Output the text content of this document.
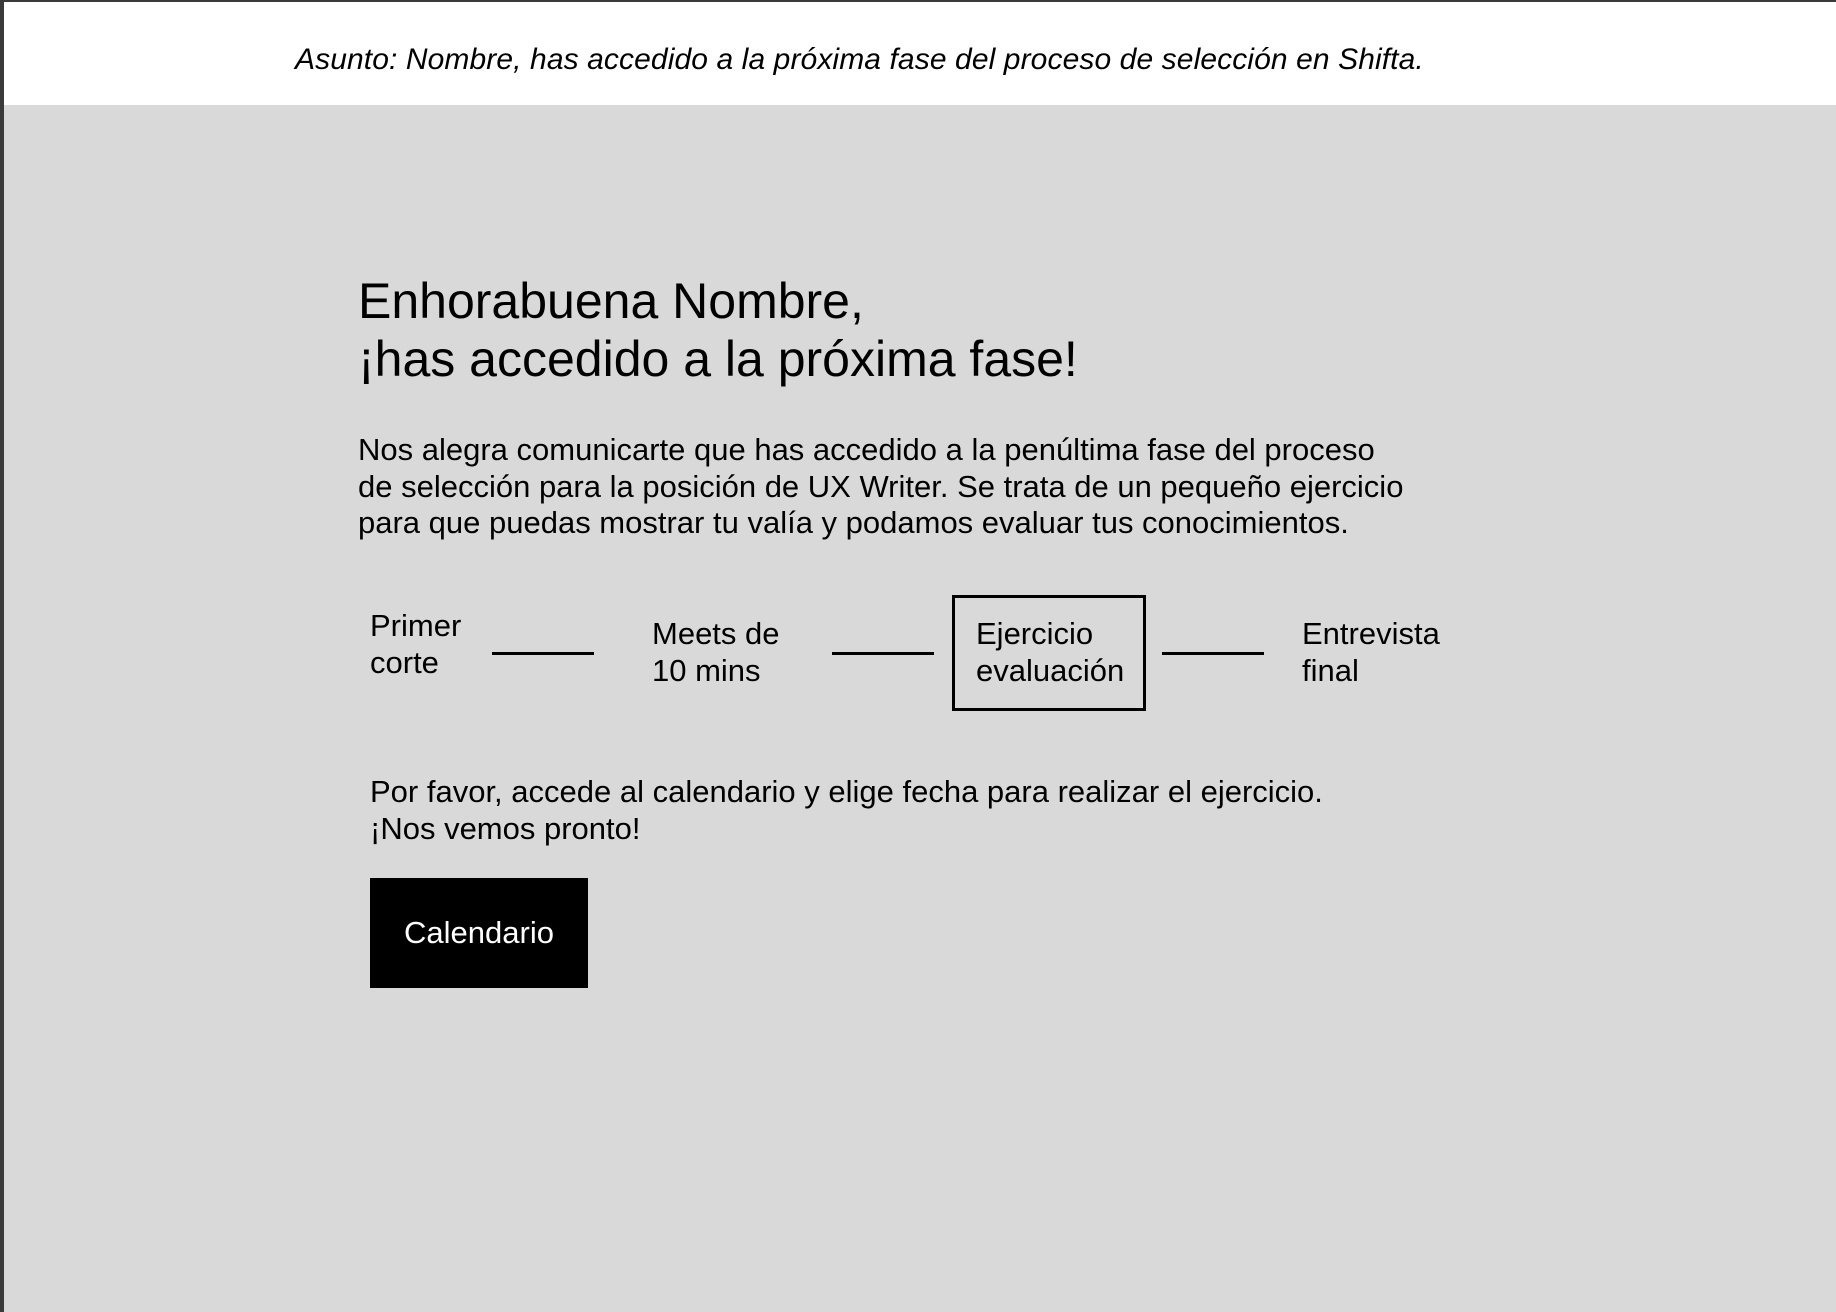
Asunto: Nombre, has accedido a la próxima fase del proceso de selección en Shifta.
Enhorabuena Nombre,
¡has accedido a la próxima fase!
Nos alegra comunicarte que has accedido a la penúltima fase del proceso
de selección para la posición de UX Writer. Se trata de un pequeño ejercicio
para que puedas mostrar tu valía y podamos evaluar tus conocimientos.
Primer
corte
Meets de
10 mins
Ejercicio
evaluación
Entrevista
final
Por favor, accede al calendario y elige fecha para realizar el ejercicio.
¡Nos vemos pronto!
Calendario
